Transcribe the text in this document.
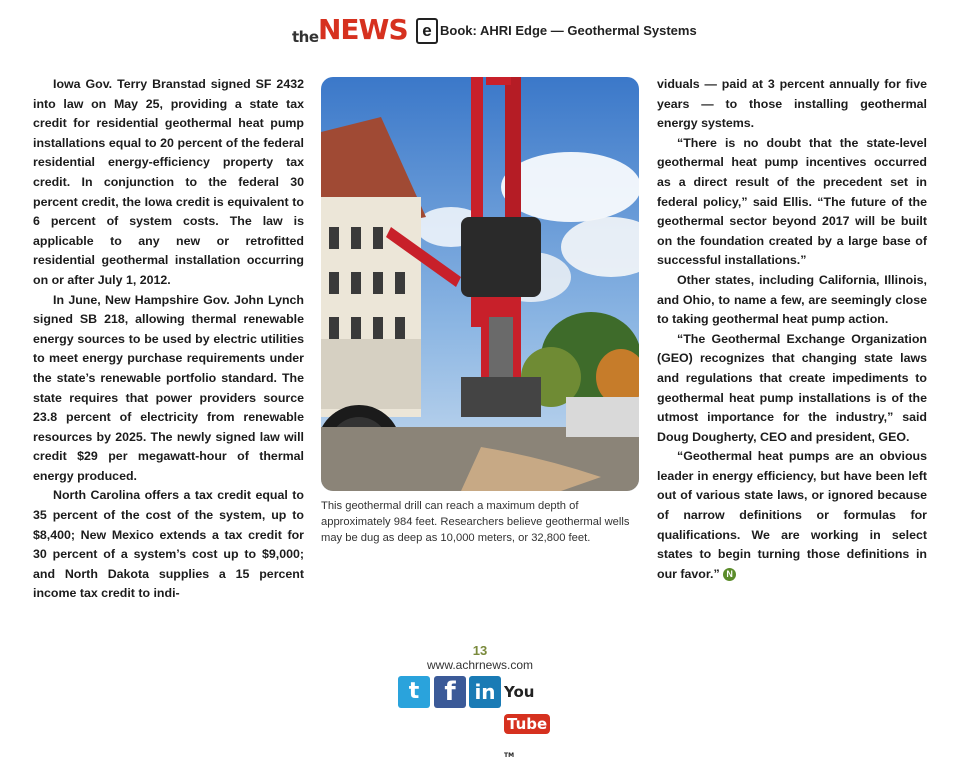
the NEWS e Book: AHRI Edge — Geothermal Systems

Iowa Gov. Terry Branstad signed SF 2432 into law on May 25, providing a state tax credit for residential geothermal heat pump installations equal to 20 percent of the federal residential energy-efficiency property tax credit. In conjunction to the federal 30 percent credit, the Iowa credit is equivalent to 6 percent of system costs. The law is applicable to any new or retrofitted residential geothermal installation occurring on or after July 1, 2012.

In June, New Hampshire Gov. John Lynch signed SB 218, allowing thermal renewable energy sources to be used by electric utilities to meet energy purchase requirements under the state’s renewable portfolio standard. The state requires that power providers source 23.8 percent of electricity from renewable resources by 2025. The newly signed law will credit $29 per megawatt-hour of thermal energy produced.

North Carolina offers a tax credit equal to 35 percent of the cost of the system, up to $8,400; New Mexico extends a tax credit for 30 percent of a system’s cost up to $9,000; and North Dakota supplies a 15 percent income tax credit to indi-

This geothermal drill can reach a maximum depth of approximately 984 feet. Researchers believe geothermal wells may be dug as deep as 10,000 meters, or 32,800 feet.

viduals — paid at 3 percent annually for five years — to those installing geothermal energy systems.

“There is no doubt that the state-level geothermal heat pump incentives occurred as a direct result of the precedent set in federal policy,” said Ellis. “The future of the geothermal sector beyond 2017 will be built on the foundation created by a large base of successful installations.”

Other states, including California, Illinois, and Ohio, to name a few, are seemingly close to taking geothermal heat pump action.

“The Geothermal Exchange Organization (GEO) recognizes that changing state laws and regulations that create impediments to geothermal heat pump installations is of the utmost importance for the industry,” said Doug Dougherty, CEO and president, GEO.

“Geothermal heat pumps are an obvious leader in energy efficiency, but have been left out of various state laws, or ignored because of narrow definitions or formulas for qualifications. We are working in select states to begin turning those definitions in our favor.” N

13
www.achrnews.com
t f in YouTube™
